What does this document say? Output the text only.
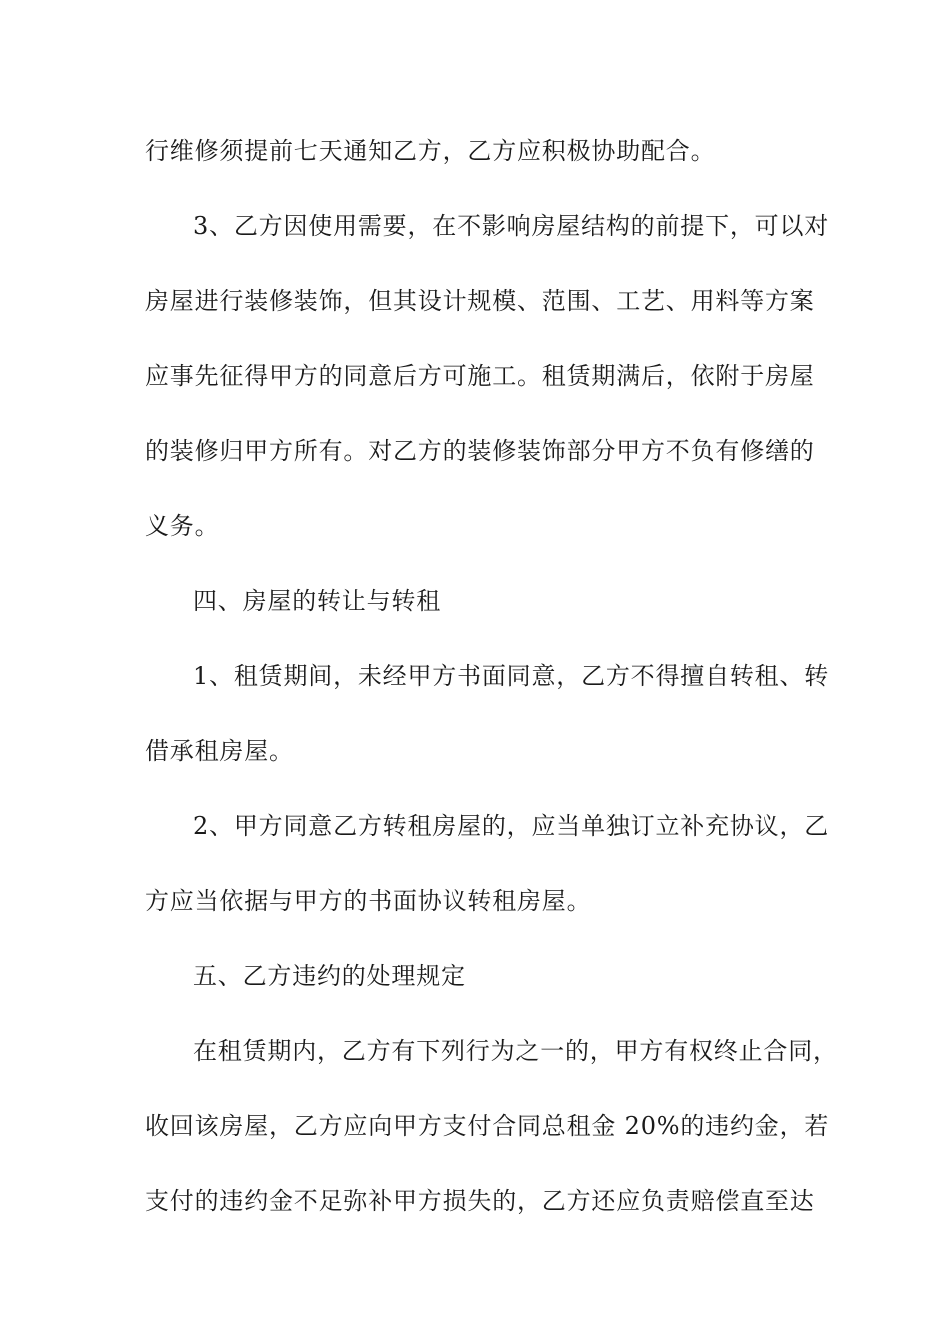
行维修须提前七天通知乙方，乙方应积极协助配合。
3、乙方因使用需要，在不影响房屋结构的前提下，可以对
房屋进行装修装饰，但其设计规模、范围、工艺、用料等方案
应事先征得甲方的同意后方可施工。租赁期满后，依附于房屋
的装修归甲方所有。对乙方的装修装饰部分甲方不负有修缮的
义务。
四、房屋的转让与转租
1、租赁期间，未经甲方书面同意，乙方不得擅自转租、转
借承租房屋。
2、甲方同意乙方转租房屋的，应当单独订立补充协议，乙
方应当依据与甲方的书面协议转租房屋。
五、乙方违约的处理规定
在租赁期内，乙方有下列行为之一的，甲方有权终止合同，
收回该房屋，乙方应向甲方支付合同总租金 20%的违约金，若
支付的违约金不足弥补甲方损失的，乙方还应负责赔偿直至达
